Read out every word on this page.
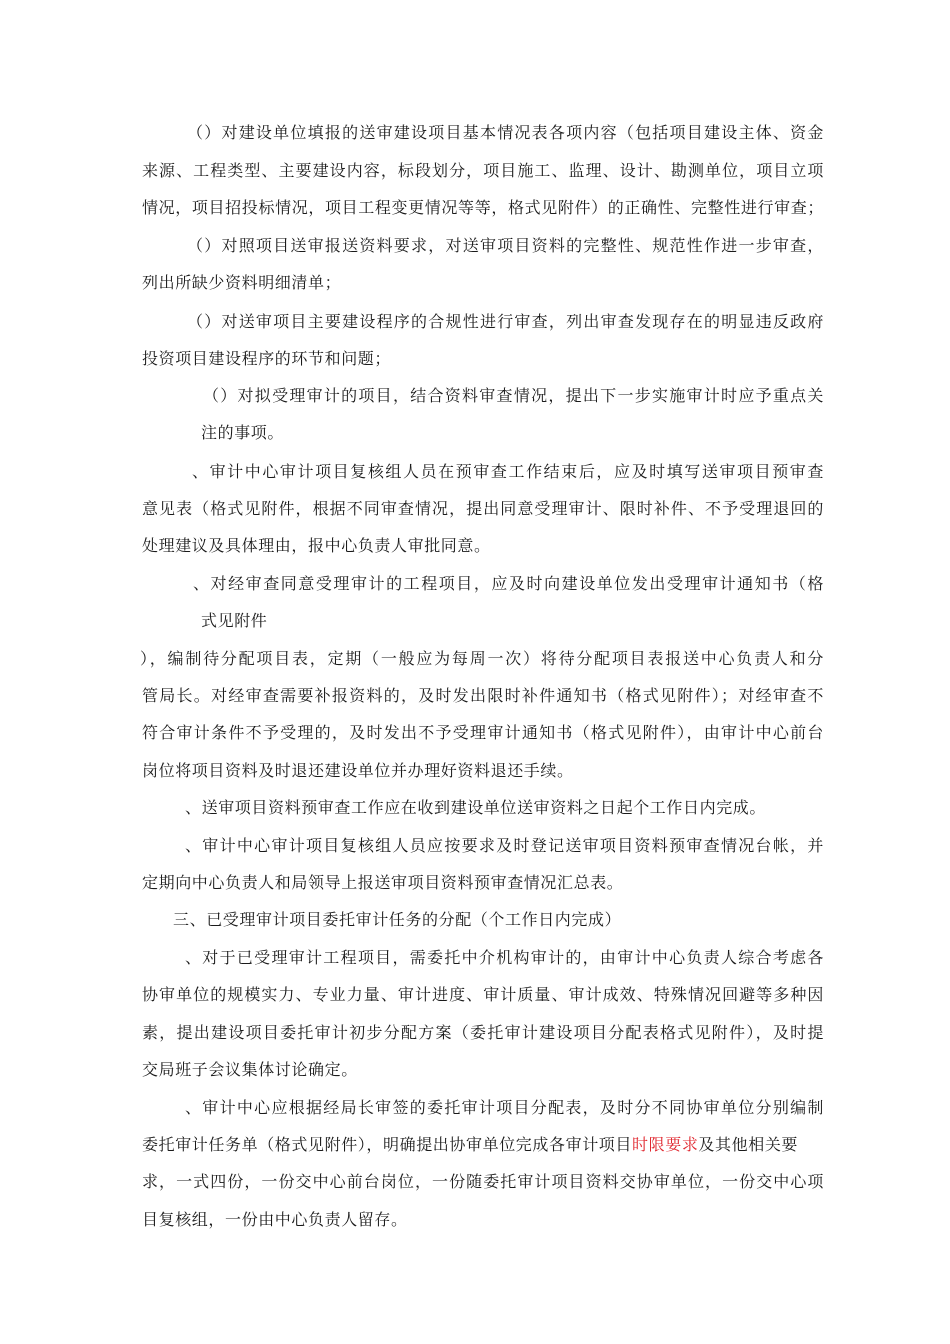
（）对建设单位填报的送审建设项目基本情况表各项内容（包括项目建设主体、资金
来源、工程类型、主要建设内容，标段划分，项目施工、监理、设计、勘测单位，项目立项
情况，项目招投标情况，项目工程变更情况等等，格式见附件）的正确性、完整性进行审查；
（）对照项目送审报送资料要求，对送审项目资料的完整性、规范性作进一步审查，
列出所缺少资料明细清单；
（）对送审项目主要建设程序的合规性进行审查，列出审查发现存在的明显违反政府
投资项目建设程序的环节和问题；
（）对拟受理审计的项目，结合资料审查情况，提出下一步实施审计时应予重点关
注的事项。
、审计中心审计项目复核组人员在预审查工作结束后，应及时填写送审项目预审查
意见表（格式见附件，根据不同审查情况，提出同意受理审计、限时补件、不予受理退回的
处理建议及具体理由，报中心负责人审批同意。
、对经审查同意受理审计的工程项目，应及时向建设单位发出受理审计通知书（格
式见附件
），编制待分配项目表，定期（一般应为每周一次）将待分配项目表报送中心负责人和分
管局长。对经审查需要补报资料的，及时发出限时补件通知书（格式见附件）；对经审查不
符合审计条件不予受理的，及时发出不予受理审计通知书（格式见附件），由审计中心前台
岗位将项目资料及时退还建设单位并办理好资料退还手续。
、送审项目资料预审查工作应在收到建设单位送审资料之日起个工作日内完成。
、审计中心审计项目复核组人员应按要求及时登记送审项目资料预审查情况台帐，并
定期向中心负责人和局领导上报送审项目资料预审查情况汇总表。
三、已受理审计项目委托审计任务的分配（个工作日内完成）
、对于已受理审计工程项目，需委托中介机构审计的，由审计中心负责人综合考虑各
协审单位的规模实力、专业力量、审计进度、审计质量、审计成效、特殊情况回避等多种因
素，提出建设项目委托审计初步分配方案（委托审计建设项目分配表格式见附件），及时提
交局班子会议集体讨论确定。
、审计中心应根据经局长审签的委托审计项目分配表，及时分不同协审单位分别编制
委托审计任务单（格式见附件），明确提出协审单位完成各审计项目时限要求及其他相关要
求，一式四份，一份交中心前台岗位，一份随委托审计项目资料交协审单位，一份交中心项
目复核组，一份由中心负责人留存。
